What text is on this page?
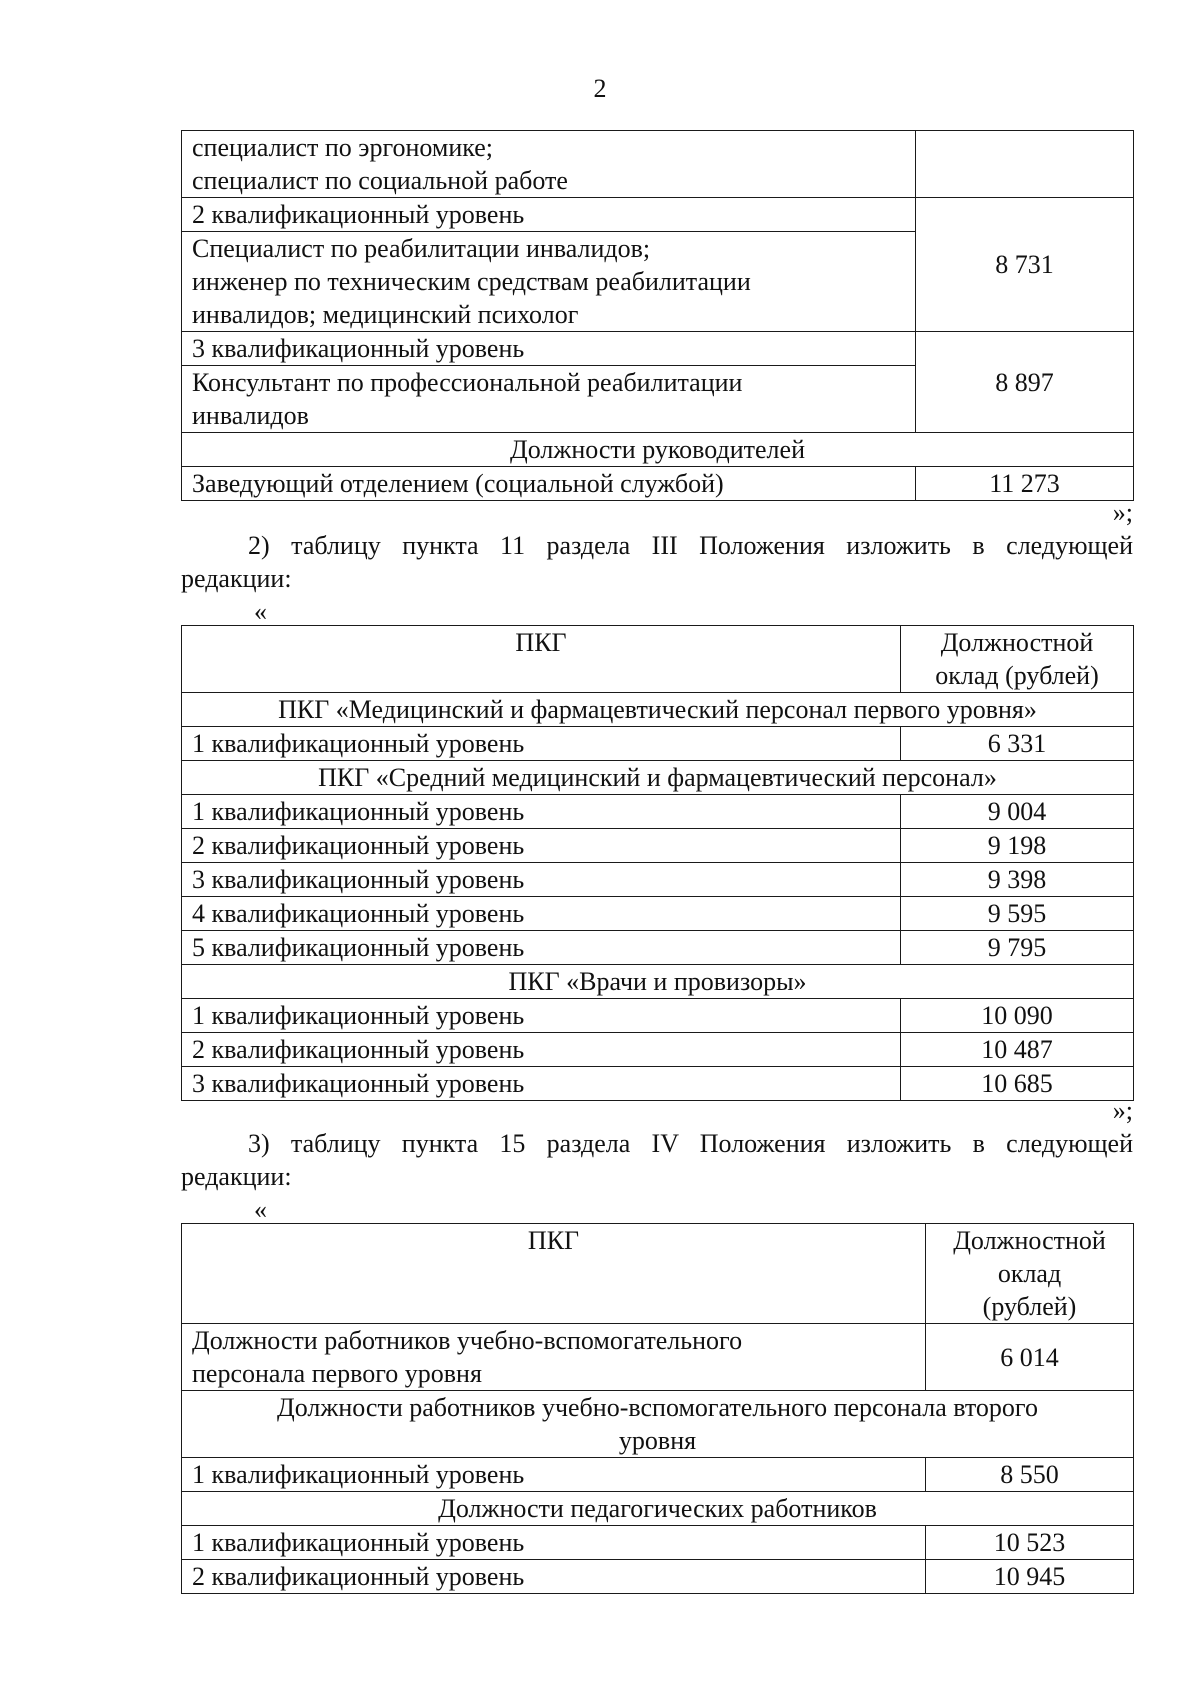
2
специалист по эргономике;
специалист по социальной работе	
2 квалификационный уровень	8 731
Специалист по реабилитации инвалидов;
инженер по техническим средствам реабилитации
инвалидов; медицинский психолог	
3 квалификационный уровень	8 897
Консультант по профессиональной реабилитации
инвалидов	
Должности руководителей	
Заведующий отделением (социальной службой)	11 273
»;
2) таблицу пункта 11 раздела III Положения изложить в следующей
редакции:
«
ПКГ	Должностной оклад (рублей)
ПКГ «Медицинский и фармацевтический персонал первого уровня»	
1 квалификационный уровень	6 331
ПКГ «Средний медицинский и фармацевтический персонал»	
1 квалификационный уровень	9 004
2 квалификационный уровень	9 198
3 квалификационный уровень	9 398
4 квалификационный уровень	9 595
5 квалификационный уровень	9 795
ПКГ «Врачи и провизоры»	
1 квалификационный уровень	10 090
2 квалификационный уровень	10 487
3 квалификационный уровень	10 685
»;
3) таблицу пункта 15 раздела IV Положения изложить в следующей
редакции:
«
ПКГ	Должностной
оклад
(рублей)
Должности работников учебно-вспомогательного
персонала первого уровня	6 014
Должности работников учебно-вспомогательного персонала второго
уровня	
1 квалификационный уровень	8 550
Должности педагогических работников	
1 квалификационный уровень	10 523
2 квалификационный уровень	10 945
